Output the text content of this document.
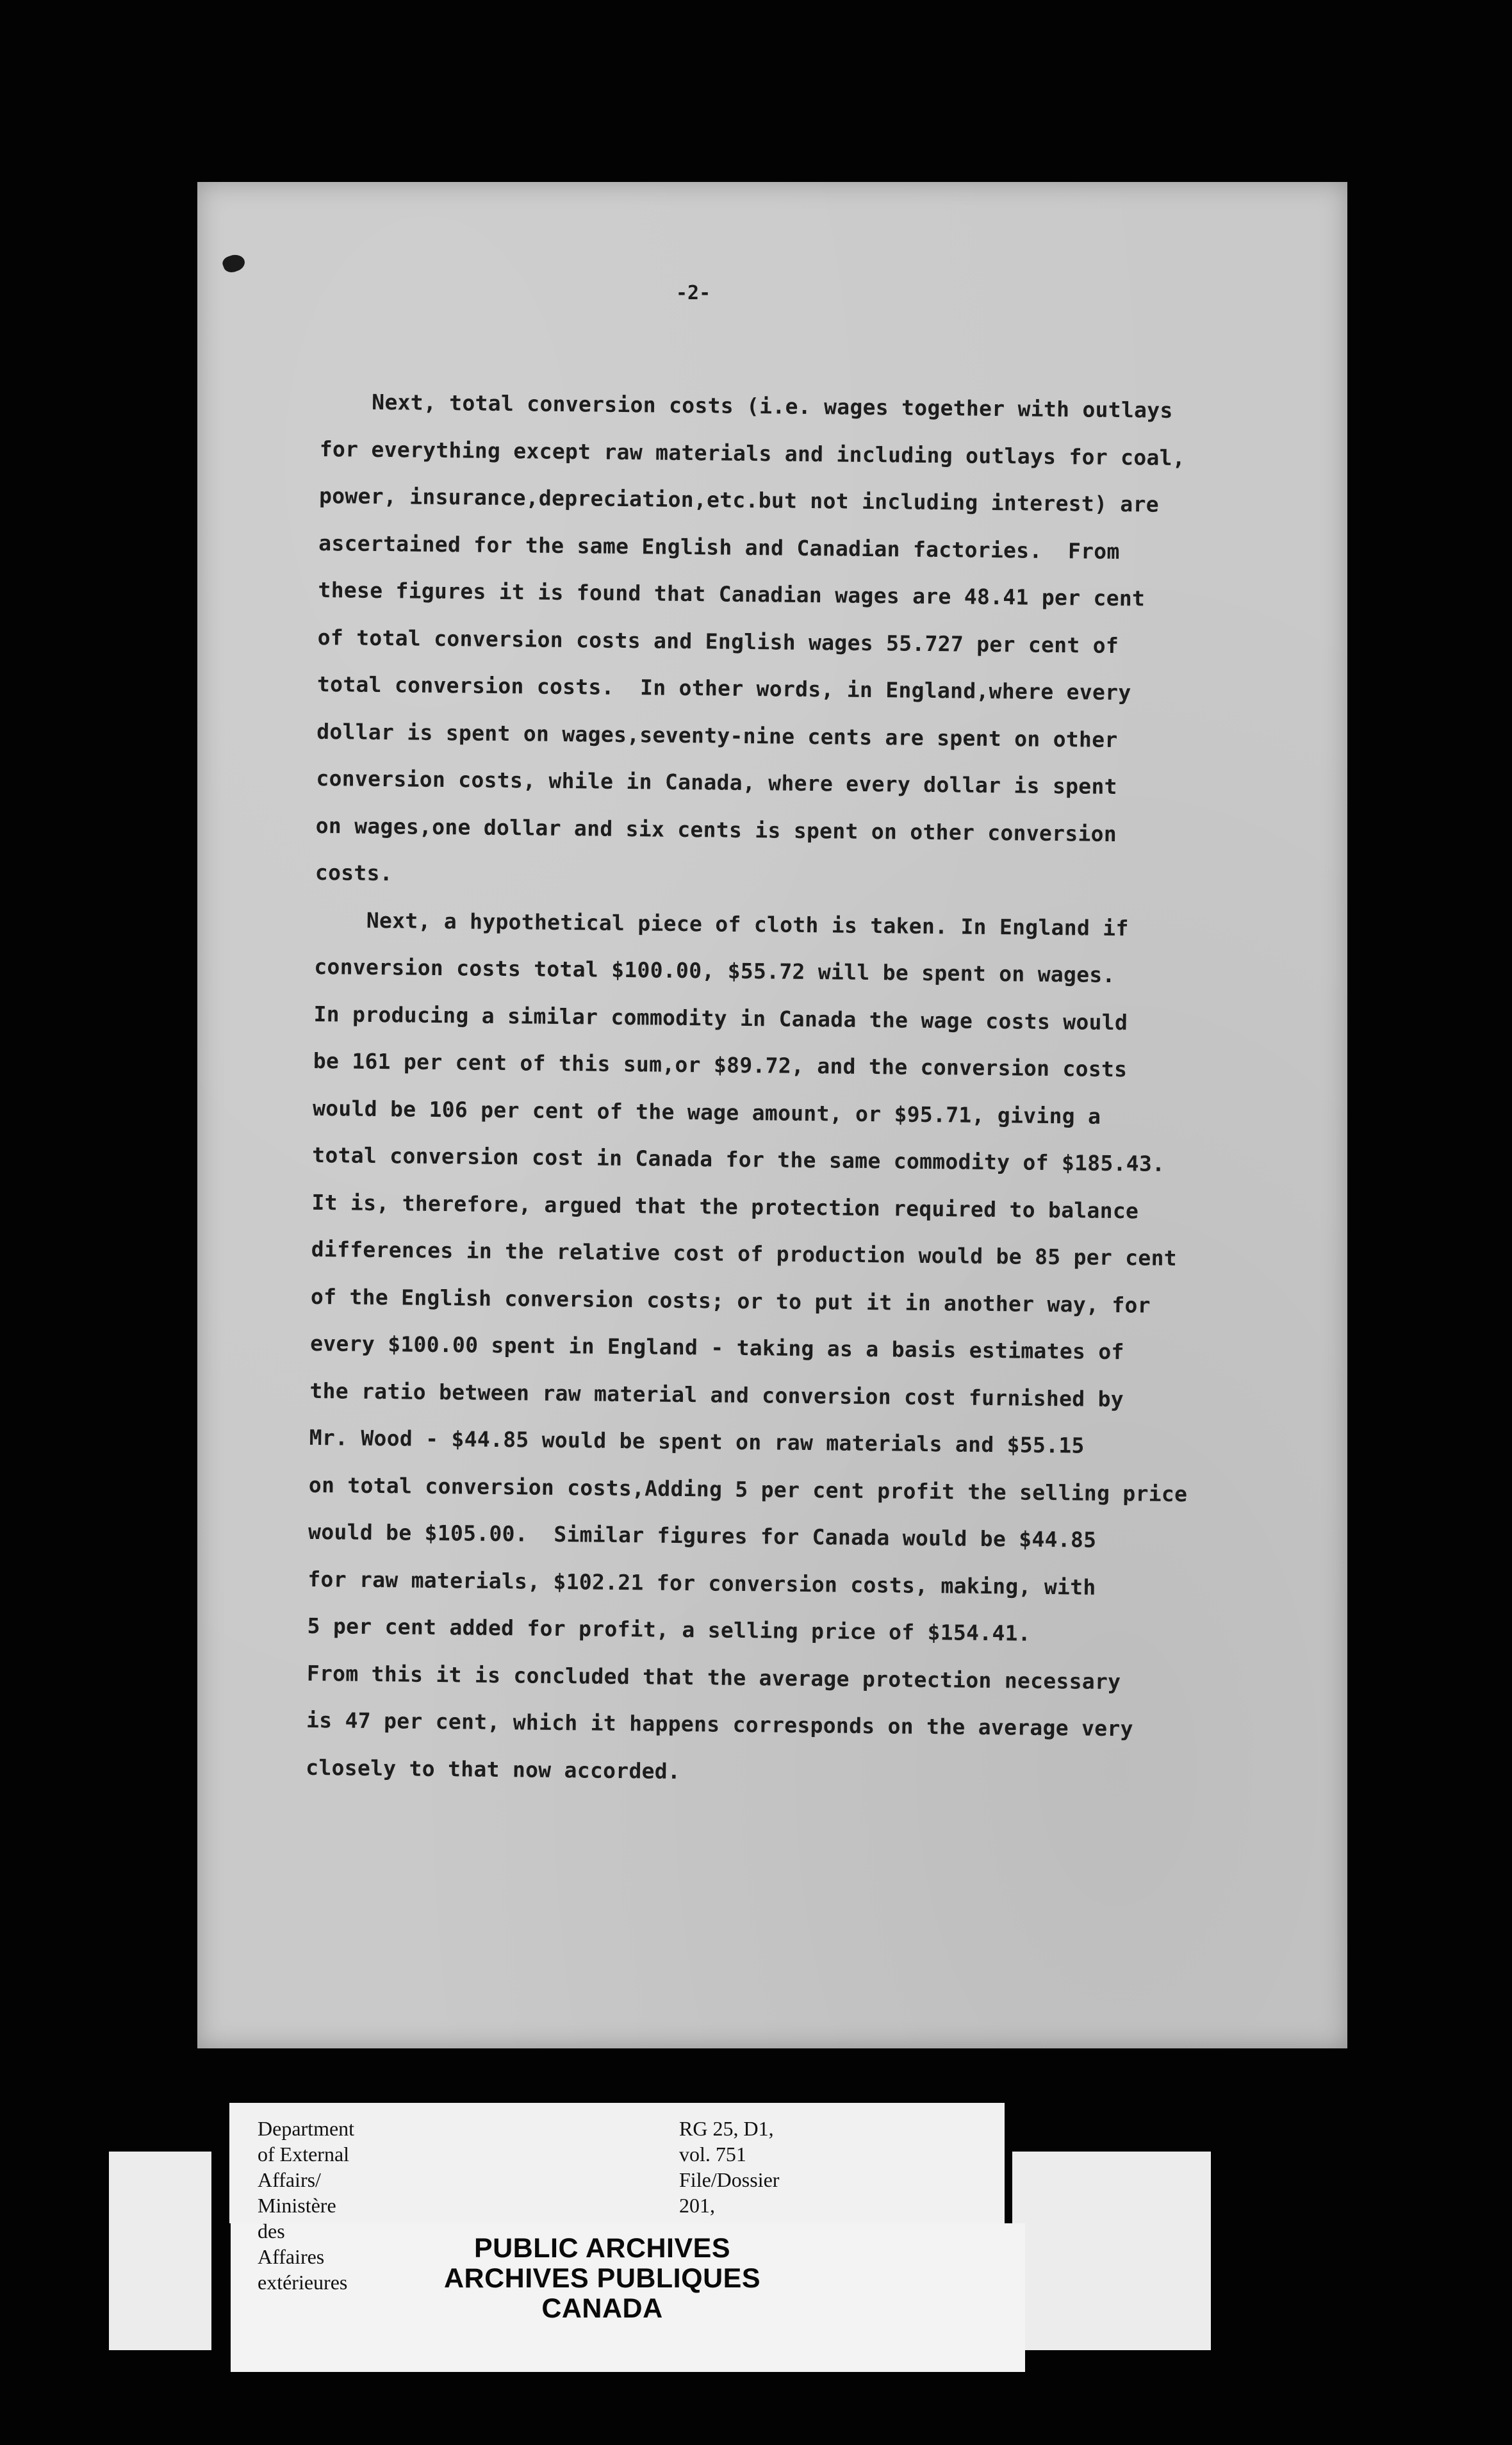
-2-

Next, total conversion costs (i.e. wages together with outlays
for everything except raw materials and including outlays for coal,
power, insurance,depreciation,etc.but not including interest) are
ascertained for the same English and Canadian factories.  From
these figures it is found that Canadian wages are 48.41 per cent
of total conversion costs and English wages 55.727 per cent of
total conversion costs.  In other words, in England,where every
dollar is spent on wages,seventy-nine cents are spent on other
conversion costs, while in Canada, where every dollar is spent
on wages,one dollar and six cents is spent on other conversion
costs.

Next, a hypothetical piece of cloth is taken. In England if
conversion costs total $100.00, $55.72 will be spent on wages.
In producing a similar commodity in Canada the wage costs would
be 161 per cent of this sum,or $89.72, and the conversion costs
would be 106 per cent of the wage amount, or $95.71, giving a
total conversion cost in Canada for the same commodity of $185.43.
It is, therefore, argued that the protection required to balance
differences in the relative cost of production would be 85 per cent
of the English conversion costs; or to put it in another way, for
every $100.00 spent in England - taking as a basis estimates of
the ratio between raw material and conversion cost furnished by
Mr. Wood - $44.85 would be spent on raw materials and $55.15
on total conversion costs,Adding 5 per cent profit the selling price
would be $105.00.  Similar figures for Canada would be $44.85
for raw materials, $102.21 for conversion costs, making, with
5 per cent added for profit, a selling price of $154.41.
From this it is concluded that the average protection necessary
is 47 per cent, which it happens corresponds on the average very
closely to that now accorded.

Department of External Affairs/
Ministère des Affaires extérieures
RG 25, D1, vol. 751
File/Dossier 201,
PUBLIC ARCHIVES
ARCHIVES PUBLIQUES
CANADA
